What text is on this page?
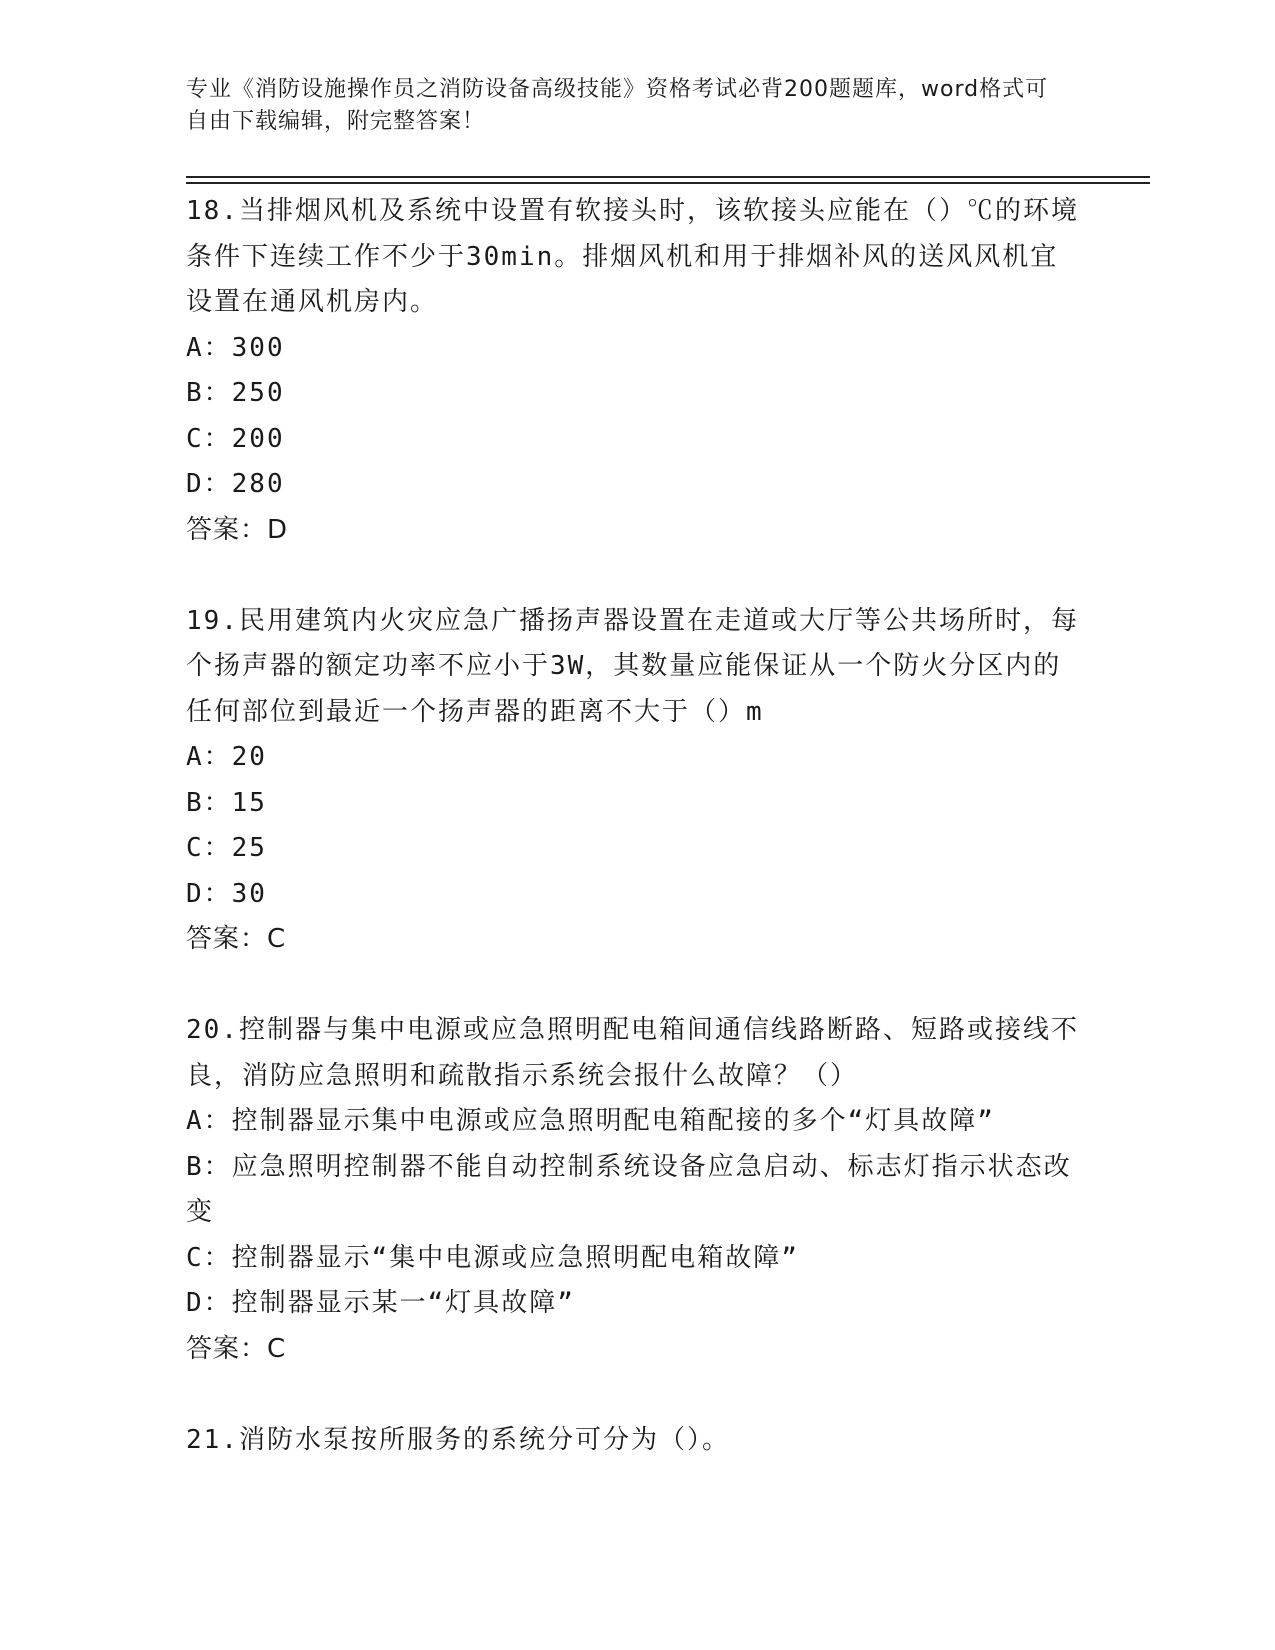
专业《消防设施操作员之消防设备高级技能》资格考试必背200题题库，word格式可自由下载编辑，附完整答案！
18.当排烟风机及系统中设置有软接头时，该软接头应能在（）℃的环境条件下连续工作不少于30min。排烟风机和用于排烟补风的送风风机宜设置在通风机房内。
A：300
B：250
C：200
D：280
答案：D
19.民用建筑内火灾应急广播扬声器设置在走道或大厅等公共场所时，每个扬声器的额定功率不应小于3W，其数量应能保证从一个防火分区内的任何部位到最近一个扬声器的距离不大于（）m
A：20
B：15
C：25
D：30
答案：C
20.控制器与集中电源或应急照明配电箱间通信线路断路、短路或接线不良，消防应急照明和疏散指示系统会报什么故障？（）
A：控制器显示集中电源或应急照明配电箱配接的多个“灯具故障”
B：应急照明控制器不能自动控制系统设备应急启动、标志灯指示状态改变
C：控制器显示“集中电源或应急照明配电箱故障”
D：控制器显示某一“灯具故障”
答案：C
21.消防水泵按所服务的系统分可分为（）。
